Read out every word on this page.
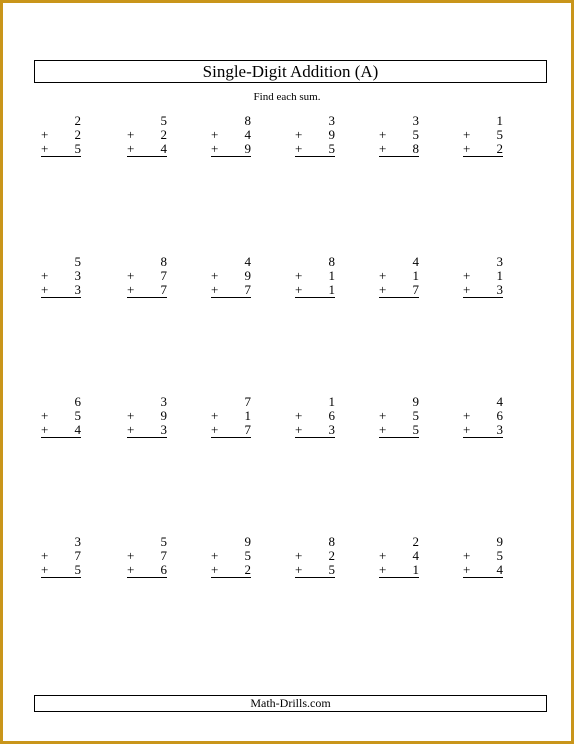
Single-Digit Addition (A)
Find each sum.
2
+ 2
+ 5
5
+ 2
+ 4
8
+ 4
+ 9
3
+ 9
+ 5
3
+ 5
+ 8
1
+ 5
+ 2
5
+ 3
+ 3
8
+ 7
+ 7
4
+ 9
+ 7
8
+ 1
+ 1
4
+ 1
+ 7
3
+ 1
+ 3
6
+ 5
+ 4
3
+ 9
+ 3
7
+ 1
+ 7
1
+ 6
+ 3
9
+ 5
+ 5
4
+ 6
+ 3
3
+ 7
+ 5
5
+ 7
+ 6
9
+ 5
+ 2
8
+ 2
+ 5
2
+ 4
+ 1
9
+ 5
+ 4
Math-Drills.com
